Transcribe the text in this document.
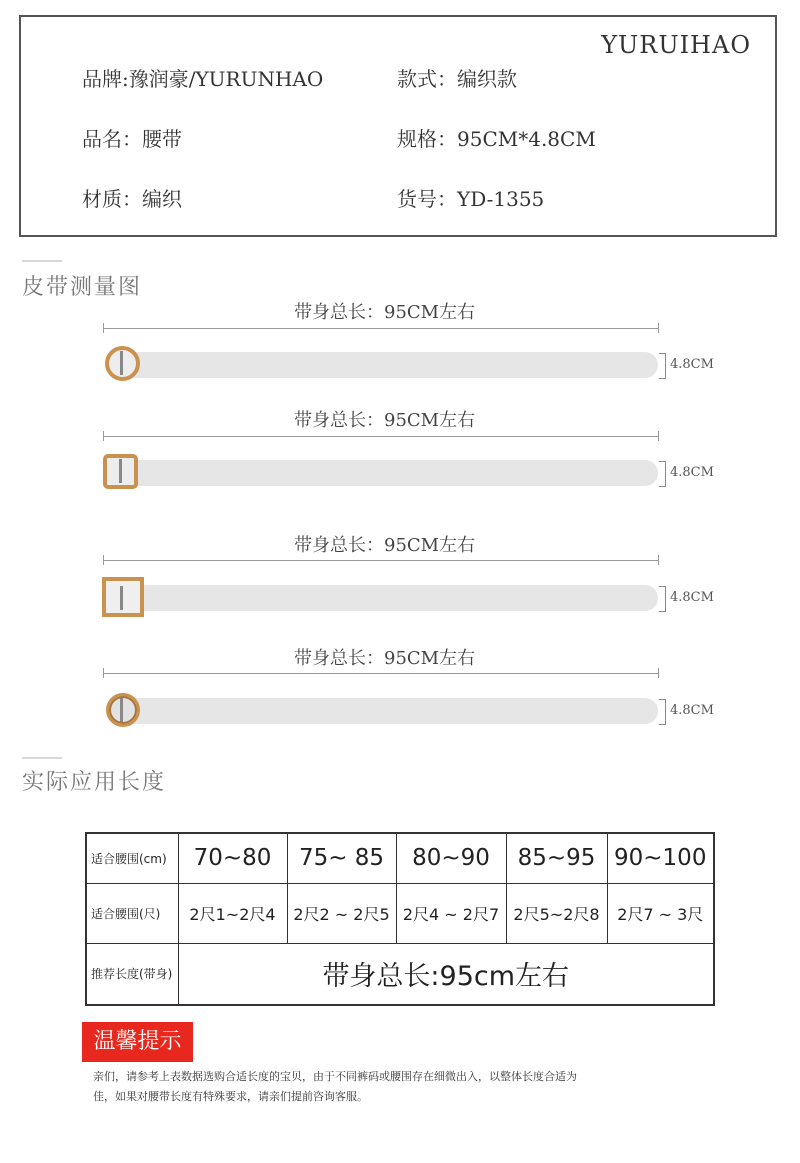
YURUIHAO
品牌:豫润豪/YURUNHAO	款式：编织款
品名：腰带	规格：95CM*4.8CM
材质：编织	货号：YD-1355
皮带测量图
带身总长：95CM左右
4.8CM
带身总长：95CM左右
4.8CM
带身总长：95CM左右
4.8CM
带身总长：95CM左右
4.8CM
实际应用长度
适合腰围(cm)	70~80	75~ 85	80~90	85~95	90~100
适合腰围(尺)	2尺1~2尺4	2尺2 ~ 2尺5	2尺4 ~ 2尺7	2尺5~2尺8	2尺7 ~ 3尺
推荐长度(带身)	带身总长:95cm左右				
温馨提示
亲们，请参考上表数据选购合适长度的宝贝，由于不同裤码或腰围存在细微出入，以整体长度合适为
佳，如果对腰带长度有特殊要求，请亲们提前咨询客服。
